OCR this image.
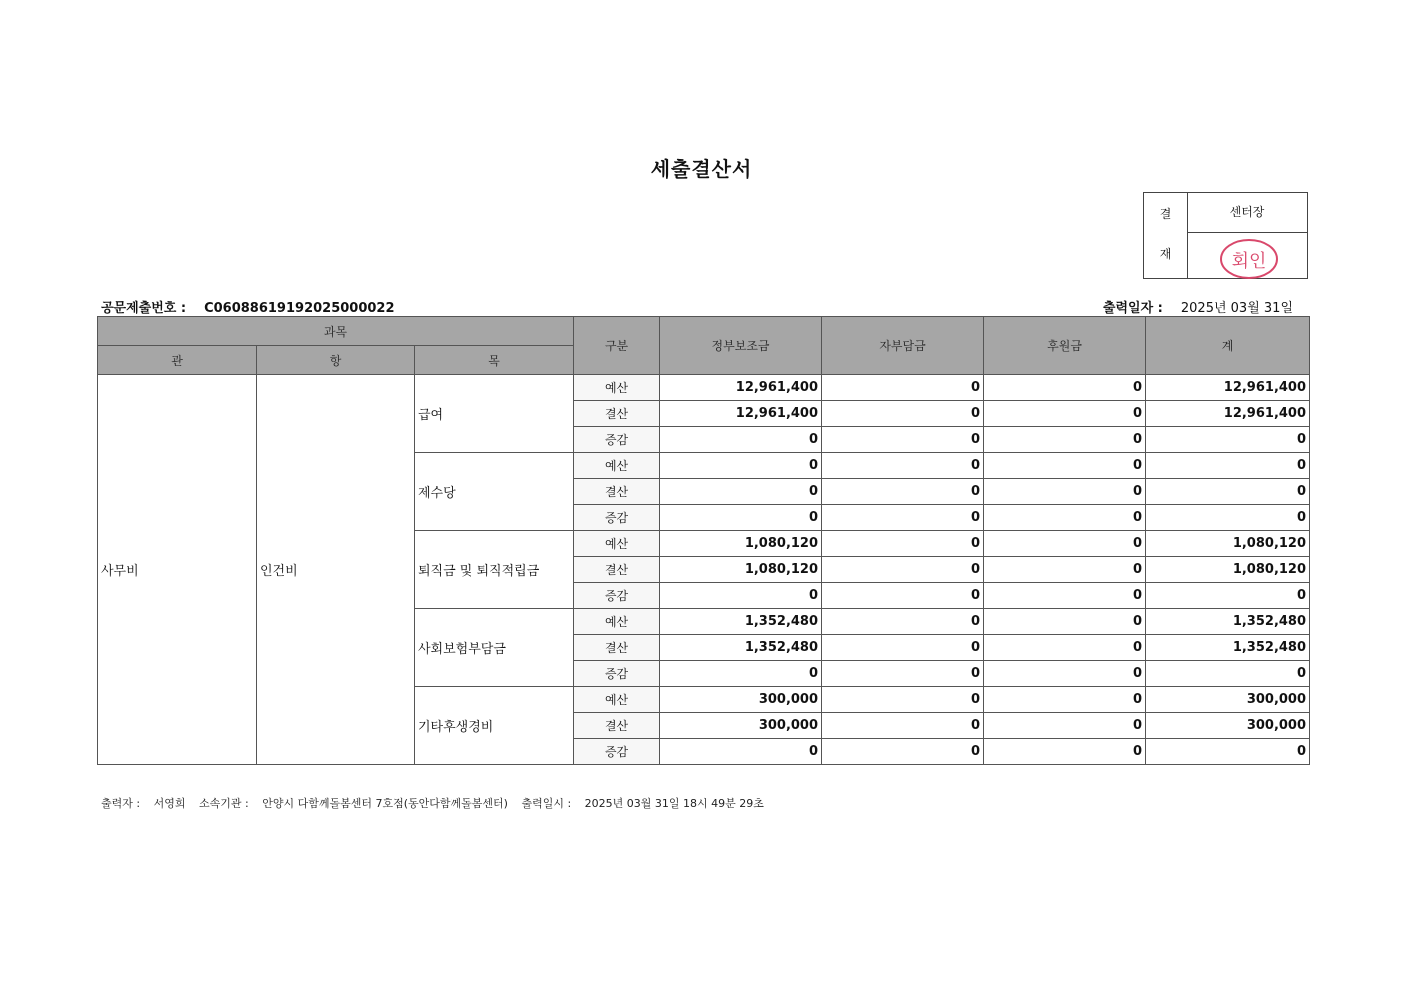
세출결산서
결
재
센터장
회인
공문제출번호 : C06088619192025000022	출력일자 : 2025년 03월 31일
과목			구분	정부보조금	자부담금	후원금	계
관	항	목					
사무비	인건비	급여	예산	12,961,400	0	0	12,961,400
			결산	12,961,400	0	0	12,961,400
			증감	0	0	0	0
		제수당	예산	0	0	0	0
			결산	0	0	0	0
			증감	0	0	0	0
		퇴직금 및 퇴직적립금	예산	1,080,120	0	0	1,080,120
			결산	1,080,120	0	0	1,080,120
			증감	0	0	0	0
		사회보험부담금	예산	1,352,480	0	0	1,352,480
			결산	1,352,480	0	0	1,352,480
			증감	0	0	0	0
		기타후생경비	예산	300,000	0	0	300,000
			결산	300,000	0	0	300,000
			증감	0	0	0	0
출력자 : 서영희 소속기관 : 안양시 다함께돌봄센터 7호점(동안다함께돌봄센터) 출력일시 : 2025년 03월 31일 18시 49분 29초
